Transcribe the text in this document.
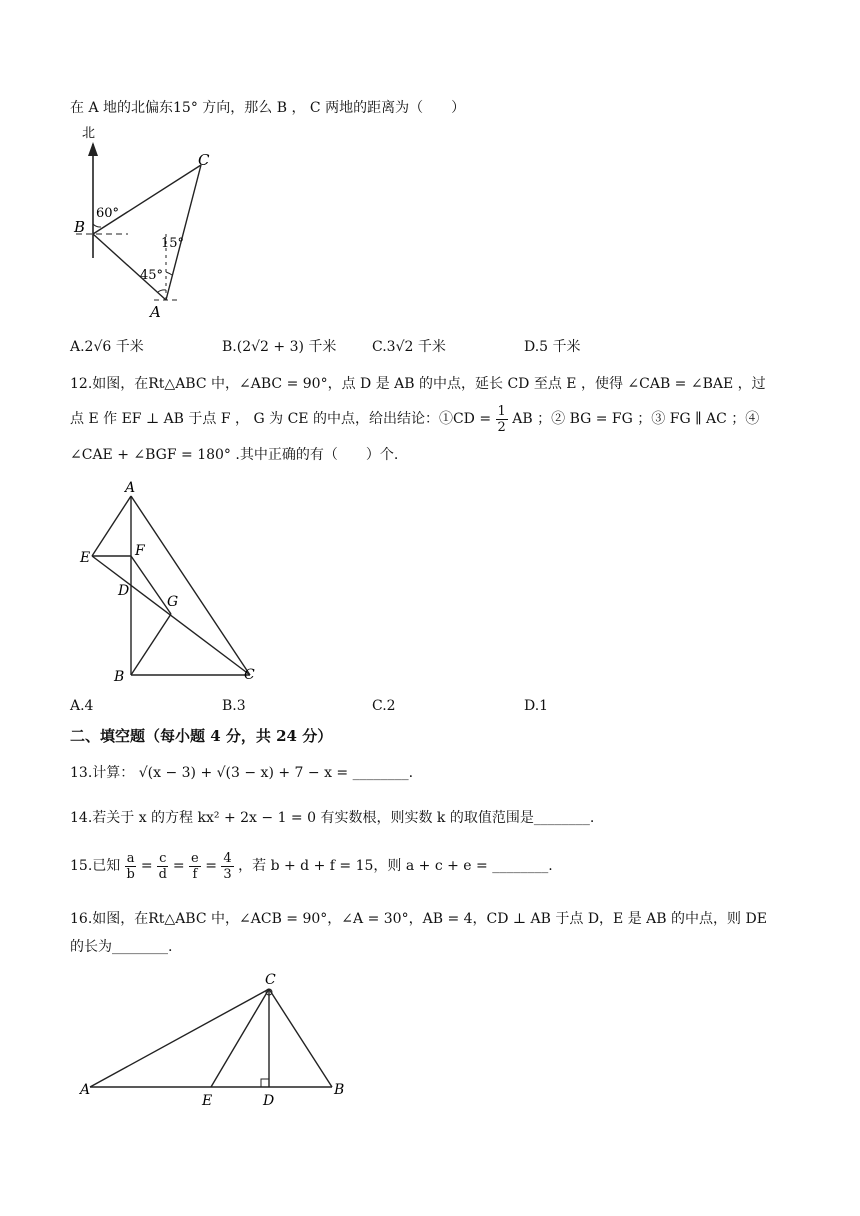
在 A 地的北偏东15° 方向，那么 B ， C 两地的距离为（　　）
北
B
C
A
60°
15°
45°
A.2√6 千米	B.(2√2 + 3) 千米	C.3√2 千米	D.5 千米
12.如图，在Rt△ABC 中，∠ABC = 90°，点 D 是 AB 的中点，延长 CD 至点 E ，使得 ∠CAB = ∠BAE ，过
点 E 作 EF ⊥ AB 于点 F ， G 为 CE 的中点，给出结论：①CD = $\frac{1}{2}$ AB ；② BG = FG ；③ FG ∥ AC ；④
∠CAE + ∠BGF = 180° .其中正确的有（　　）个.
A
E	F
D
G
B	C
A.4	B.3	C.2	D.1
二、填空题（每小题 4 分，共 24 分）
13.计算： √(x − 3) + √(3 − x) + 7 − x = ________.
14.若关于 x 的方程 kx² + 2x − 1 = 0 有实数根，则实数 k 的取值范围是________.
15.已知 $\frac{a}{b} = \frac{c}{d} = \frac{e}{f} = \frac{4}{3}$ ，若 b + d + f = 15，则 a + c + e = ________.
16.如图，在Rt△ABC 中，∠ACB = 90°，∠A = 30°，AB = 4，CD ⊥ AB 于点 D，E 是 AB 的中点，则 DE
的长为________.
A	B
C
D
E
